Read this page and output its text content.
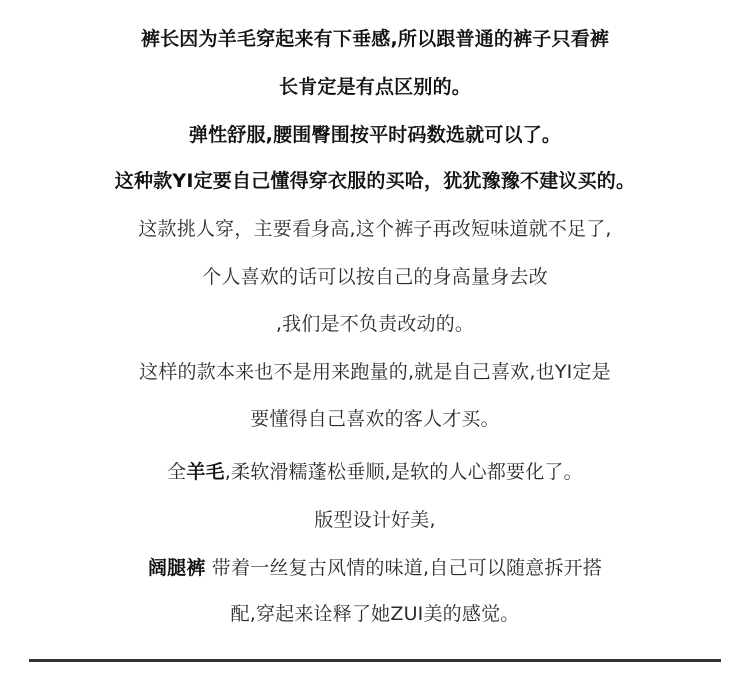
裤长因为羊毛穿起来有下垂感,所以跟普通的裤子只看裤
长肯定是有点区别的。
弹性舒服,腰围臀围按平时码数选就可以了。
这种款YI定要自己懂得穿衣服的买哈，犹犹豫豫不建议买的。
这款挑人穿，主要看身高,这个裤子再改短味道就不足了,
个人喜欢的话可以按自己的身高量身去改
,我们是不负责改动的。
这样的款本来也不是用来跑量的,就是自己喜欢,也YI定是
要懂得自己喜欢的客人才买。
全羊毛,柔软滑糯蓬松垂顺,是软的人心都要化了。
版型设计好美,
阔腿裤 带着一丝复古风情的味道,自己可以随意拆开搭
配,穿起来诠释了她ZUI美的感觉。
